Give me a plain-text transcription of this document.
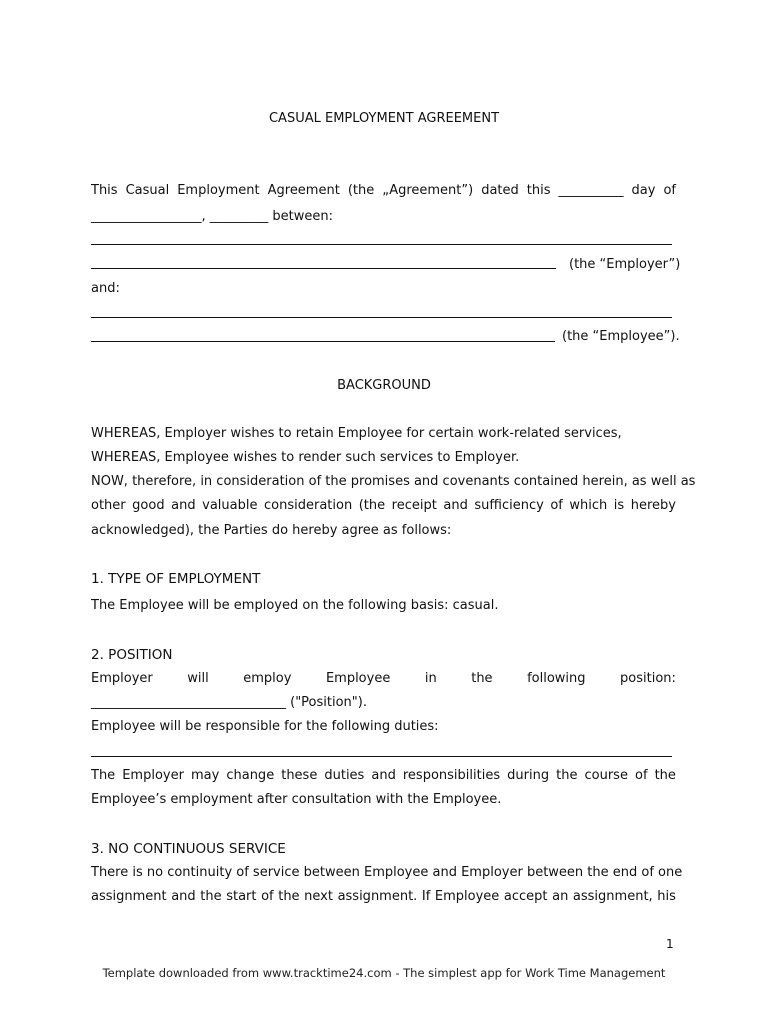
CASUAL EMPLOYMENT AGREEMENT
This Casual Employment Agreement (the „Agreement”) dated this __________ day of
_________________, _________ between:
(the “Employer”)
and:
(the “Employee”).
BACKGROUND
WHEREAS, Employer wishes to retain Employee for certain work-related services,
WHEREAS, Employee wishes to render such services to Employer.
NOW, therefore, in consideration of the promises and covenants contained herein, as well as
other good and valuable consideration (the receipt and sufficiency of which is hereby
acknowledged), the Parties do hereby agree as follows:
1. TYPE OF EMPLOYMENT
The Employee will be employed on the following basis: casual.
2. POSITION
Employer	will	employ	Employee	in	the	following	position:
______________________________ ("Position").
Employee will be responsible for the following duties:
The Employer may change these duties and responsibilities during the course of the
Employee’s employment after consultation with the Employee.
3. NO CONTINUOUS SERVICE
There is no continuity of service between Employee and Employer between the end of one
assignment and the start of the next assignment. If Employee accept an assignment, his
1
Template downloaded from www.tracktime24.com - The simplest app for Work Time Management
